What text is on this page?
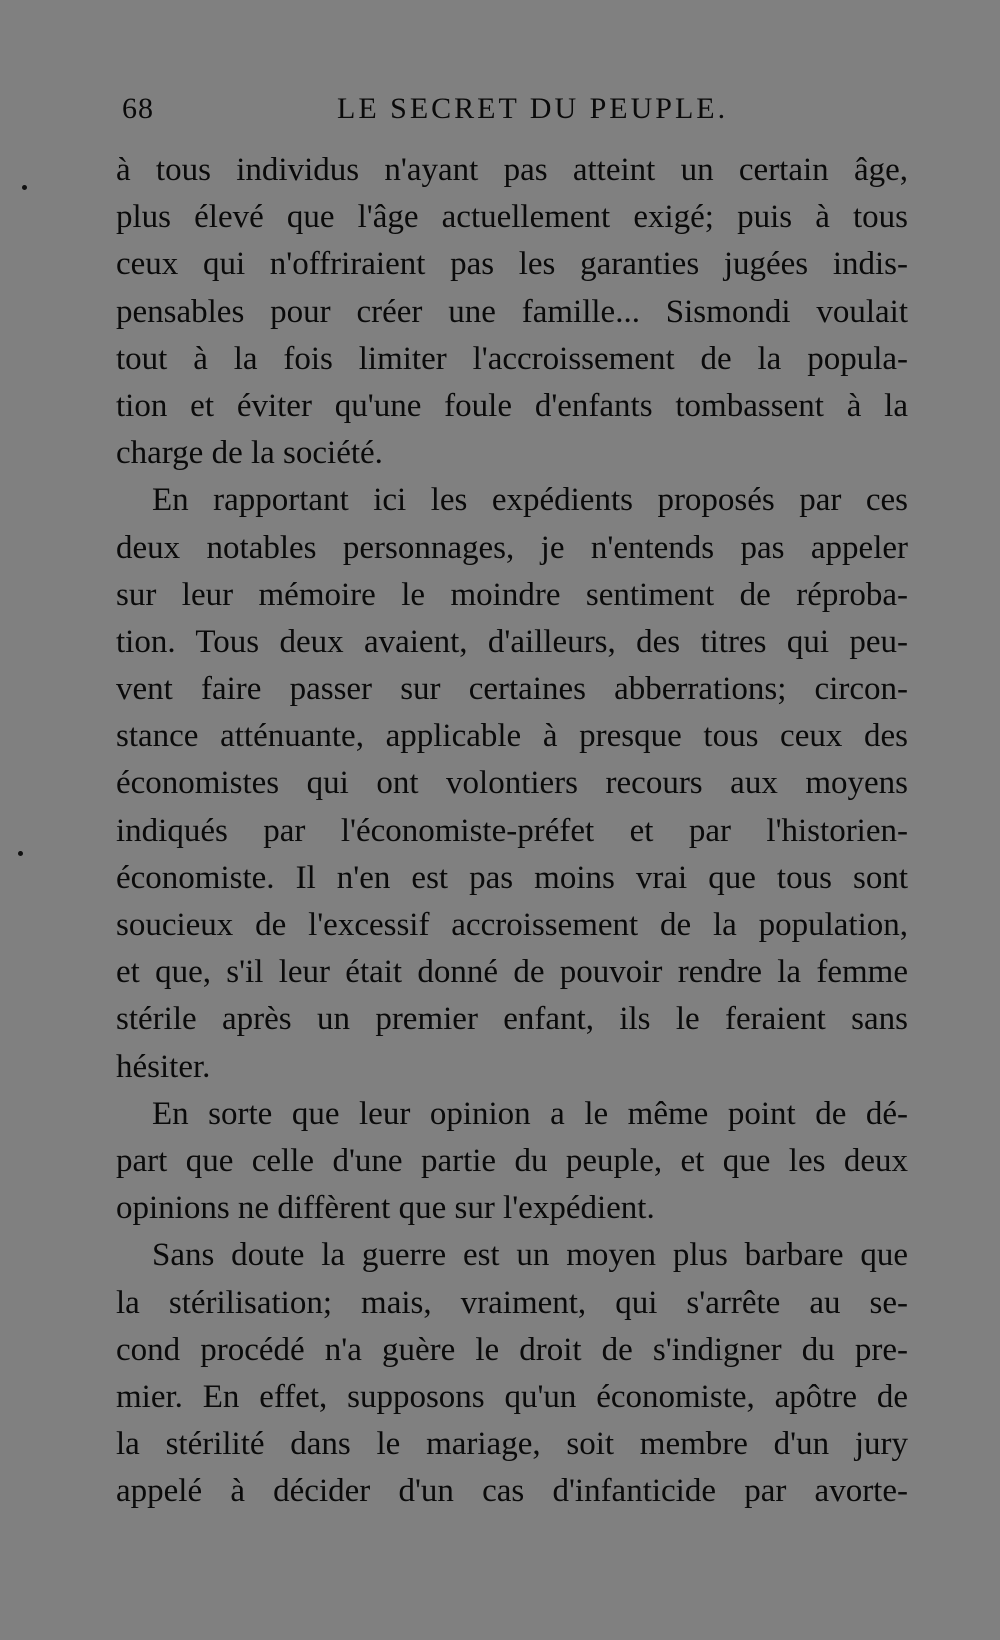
68	LE SECRET DU PEUPLE.
à tous individus n'ayant pas atteint un certain âge,
plus élevé que l'âge actuellement exigé; puis à tous
ceux qui n'offriraient pas les garanties jugées indis-
pensables pour créer une famille... Sismondi voulait
tout à la fois limiter l'accroissement de la popula-
tion et éviter qu'une foule d'enfants tombassent à la
charge de la société.
En rapportant ici les expédients proposés par ces
deux notables personnages, je n'entends pas appeler
sur leur mémoire le moindre sentiment de réproba-
tion. Tous deux avaient, d'ailleurs, des titres qui peu-
vent faire passer sur certaines abberrations; circon-
stance atténuante, applicable à presque tous ceux des
économistes qui ont volontiers recours aux moyens
indiqués par l'économiste-préfet et par l'historien-
économiste. Il n'en est pas moins vrai que tous sont
soucieux de l'excessif accroissement de la population,
et que, s'il leur était donné de pouvoir rendre la femme
stérile après un premier enfant, ils le feraient sans
hésiter.
En sorte que leur opinion a le même point de dé-
part que celle d'une partie du peuple, et que les deux
opinions ne diffèrent que sur l'expédient.
Sans doute la guerre est un moyen plus barbare que
la stérilisation; mais, vraiment, qui s'arrête au se-
cond procédé n'a guère le droit de s'indigner du pre-
mier. En effet, supposons qu'un économiste, apôtre de
la stérilité dans le mariage, soit membre d'un jury
appelé à décider d'un cas d'infanticide par avorte-
